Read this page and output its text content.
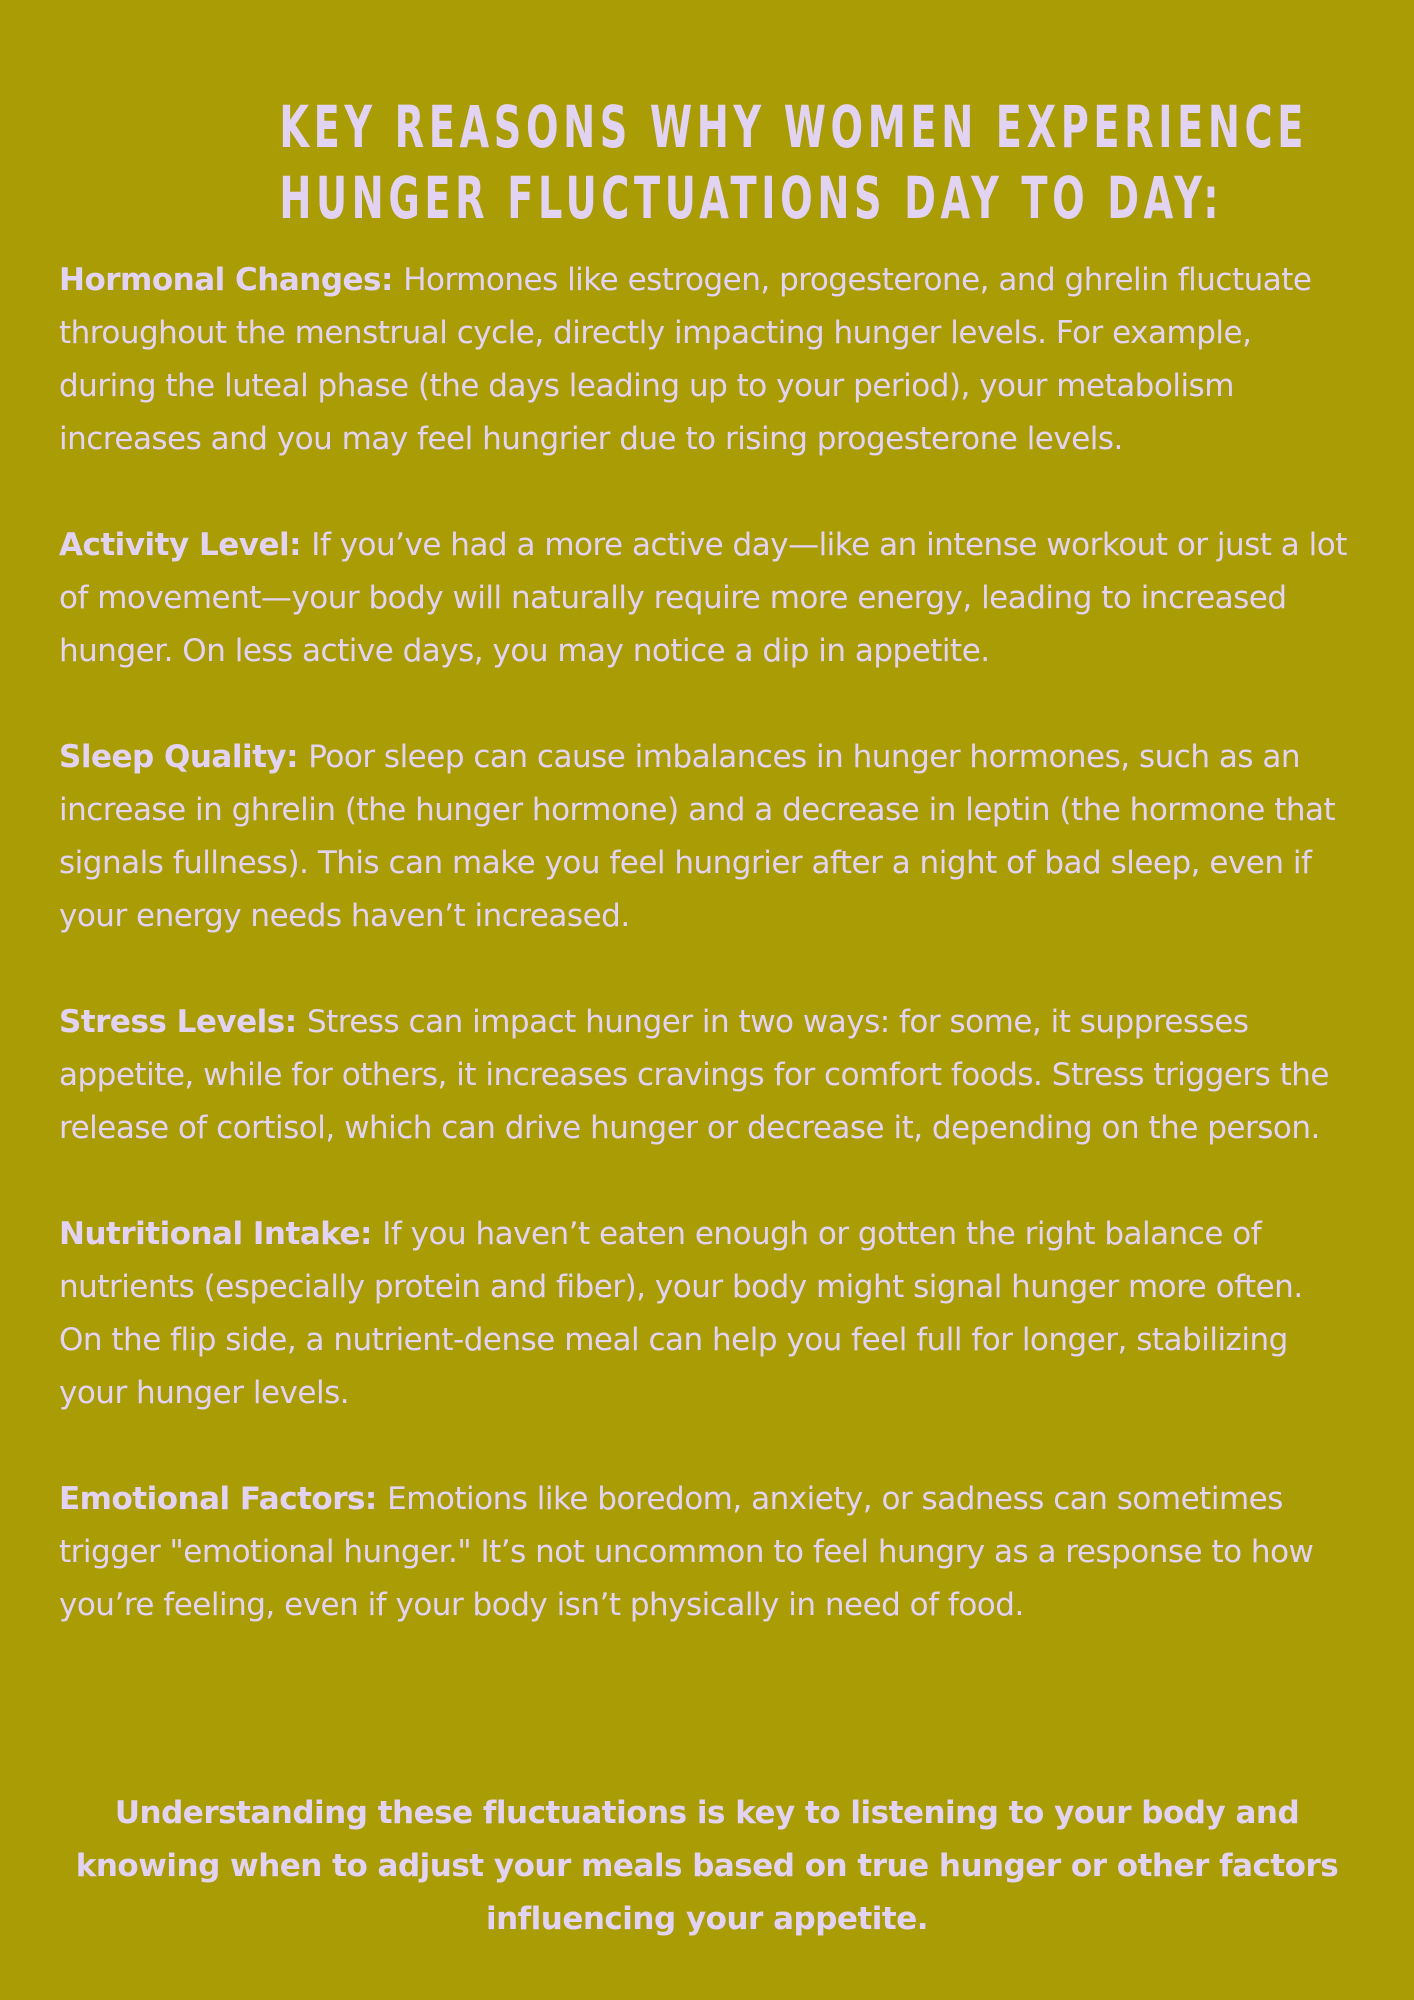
KEY REASONS WHY WOMEN EXPERIENCE
HUNGER FLUCTUATIONS DAY TO DAY:

Hormonal Changes: Hormones like estrogen, progesterone, and ghrelin fluctuate throughout the menstrual cycle, directly impacting hunger levels. For example, during the luteal phase (the days leading up to your period), your metabolism increases and you may feel hungrier due to rising progesterone levels.

Activity Level: If you’ve had a more active day—like an intense workout or just a lot of movement—your body will naturally require more energy, leading to increased hunger. On less active days, you may notice a dip in appetite.

Sleep Quality: Poor sleep can cause imbalances in hunger hormones, such as an increase in ghrelin (the hunger hormone) and a decrease in leptin (the hormone that signals fullness). This can make you feel hungrier after a night of bad sleep, even if your energy needs haven’t increased.

Stress Levels: Stress can impact hunger in two ways: for some, it suppresses appetite, while for others, it increases cravings for comfort foods. Stress triggers the release of cortisol, which can drive hunger or decrease it, depending on the person.

Nutritional Intake: If you haven’t eaten enough or gotten the right balance of nutrients (especially protein and fiber), your body might signal hunger more often. On the flip side, a nutrient-dense meal can help you feel full for longer, stabilizing your hunger levels.

Emotional Factors: Emotions like boredom, anxiety, or sadness can sometimes trigger "emotional hunger." It’s not uncommon to feel hungry as a response to how you’re feeling, even if your body isn’t physically in need of food.

Understanding these fluctuations is key to listening to your body and knowing when to adjust your meals based on true hunger or other factors influencing your appetite.
